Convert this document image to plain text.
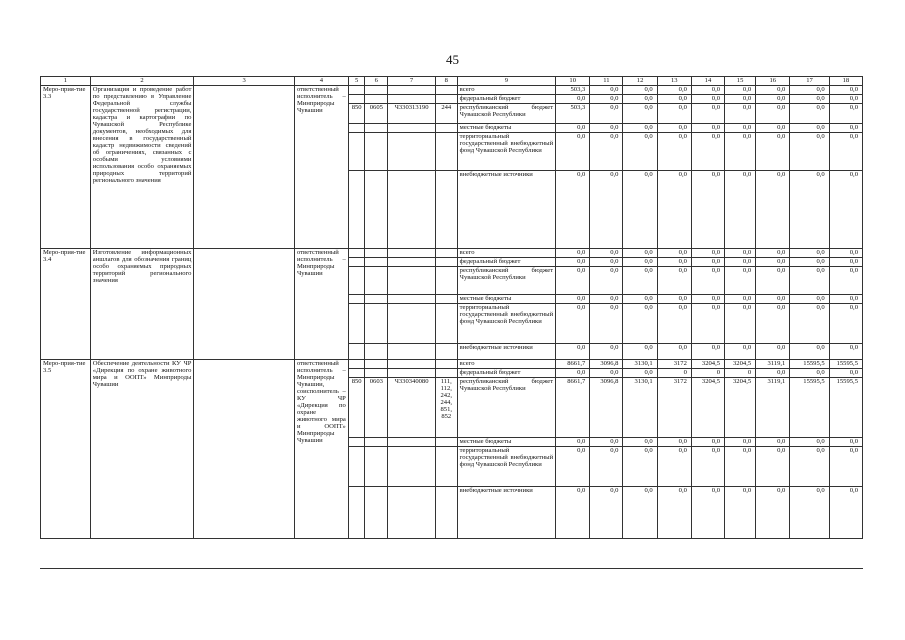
45
1	2	3	4	5	6	7	8	9	10	11	12	13	14	15	16	17	18
Меро-прия-тие 3.3	Организация и проведение работ по представлению в Управление Федеральной службы государственной регистрации, кадастра и картографии по Чувашской Республике документов, необходимых для внесения в государственный кадастр недвижимости сведений об ограничениях, связанных с особыми условиями использования особо охраняемых природных территорий регионального значения		ответственный исполнитель – Минприроды Чувашии					всего	503,3	0,0	0,0	0,0	0,0	0,0	0,0	0,0	0,0
								федеральный бюджет	0,0	0,0	0,0	0,0	0,0	0,0	0,0	0,0	0,0
				850	0605	Ч330313190	244	республиканский бюджет Чувашской Республики	503,3	0,0	0,0	0,0	0,0	0,0	0,0	0,0	0,0
								местные бюджеты	0,0	0,0	0,0	0,0	0,0	0,0	0,0	0,0	0,0
								территориальный государственный внебюджетный фонд Чувашской Республики	0,0	0,0	0,0	0,0	0,0	0,0	0,0	0,0	0,0
								внебюджетные источники	0,0	0,0	0,0	0,0	0,0	0,0	0,0	0,0	0,0
Меро-прия-тие 3.4	Изготовление информационных аншлагов для обозначения границ особо охраняемых природных территорий регионального значения		ответственный исполнитель – Минприроды Чувашии					всего	0,0	0,0	0,0	0,0	0,0	0,0	0,0	0,0	0,0
								федеральный бюджет	0,0	0,0	0,0	0,0	0,0	0,0	0,0	0,0	0,0
								республиканский бюджет Чувашской Республики	0,0	0,0	0,0	0,0	0,0	0,0	0,0	0,0	0,0
								местные бюджеты	0,0	0,0	0,0	0,0	0,0	0,0	0,0	0,0	0,0
								территориальный государственный внебюджетный фонд Чувашской Республики	0,0	0,0	0,0	0,0	0,0	0,0	0,0	0,0	0,0
								внебюджетные источники	0,0	0,0	0,0	0,0	0,0	0,0	0,0	0,0	0,0
Меро-прия-тие 3.5	Обеспечение деятельности КУ ЧР «Дирекция по охране животного мира и ООПТ» Минприроды Чувашии		ответственный исполнитель – Минприроды Чувашии, соисполнитель – КУ ЧР «Дирекция по охране животного мира и ООПТ» Минприроды Чувашии					всего	8661,7	3096,8	3130,1	3172	3204,5	3204,5	3119,1	15595,5	15595,5
								федеральный бюджет	0,0	0,0	0,0	0	0	0	0,0	0,0	0,0
				850	0603	Ч330340080	111, 112, 242, 244, 851, 852	республиканский бюджет Чувашской Республики	8661,7	3096,8	3130,1	3172	3204,5	3204,5	3119,1	15595,5	15595,5
								местные бюджеты	0,0	0,0	0,0	0,0	0,0	0,0	0,0	0,0	0,0
								территориальный государственный внебюджетный фонд Чувашской Республики	0,0	0,0	0,0	0,0	0,0	0,0	0,0	0,0	0,0
								внебюджетные источники	0,0	0,0	0,0	0,0	0,0	0,0	0,0	0,0	0,0
